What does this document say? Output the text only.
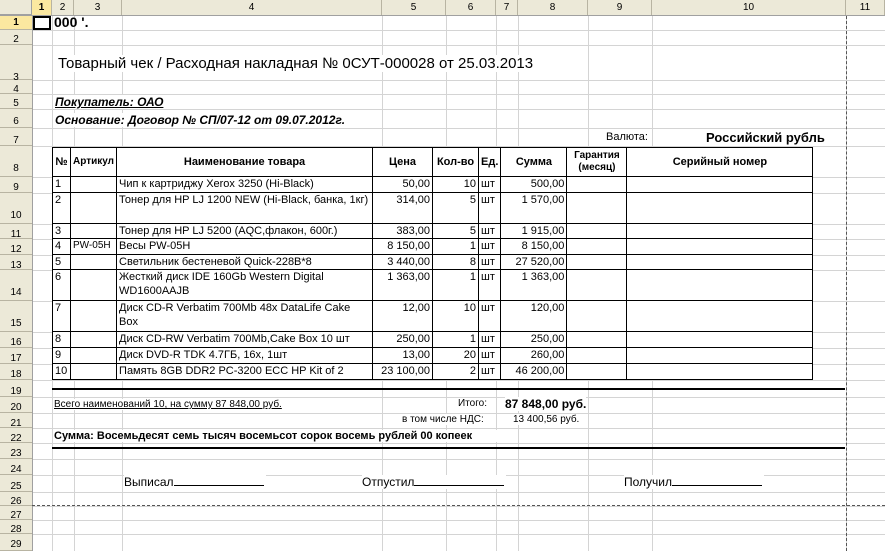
1	2	3	4	5	6	7	8	9	10	11
1
2
3
4
5
6
7
8
9
10
11
12
13
14
15
16
17
18
19
20
21
22
23
24
25
26
27
28
29
000 '.
Товарный чек / Расходная накладная № 0СУТ-000028 от 25.03.2013
Покупатель: ОАО
Основание: Договор № СП/07-12 от 09.07.2012г.
Валюта:	Российский рубль
№	Артикул	Наименование товара	Цена	Кол-во	Ед.	Сумма	Гарантия (месяц)	Серийный номер
1		Чип к картриджу Xerox 3250 (Hi-Black)	50,00	10	шт	500,00		
2		Тонер для HP LJ 1200 NEW (Hi-Black, банка, 1кг)	314,00	5	шт	1 570,00		
3		Тонер для HP LJ 5200 (AQC,флакон, 600г.)	383,00	5	шт	1 915,00		
4	PW-05H	Весы PW-05H	8 150,00	1	шт	8 150,00		
5		Светильник бестеневой Quick-228B*8	3 440,00	8	шт	27 520,00		
6		Жесткий диск IDE 160Gb Western Digital WD1600AAJB	1 363,00	1	шт	1 363,00		
7		Диск CD-R Verbatim 700Mb 48x DataLife Cake Box	12,00	10	шт	120,00		
8		Диск CD-RW Verbatim 700Mb,Cake Box 10 шт	250,00	1	шт	250,00		
9		Диск DVD-R TDK 4.7ГБ, 16x, 1шт	13,00	20	шт	260,00		
10		Память 8GB DDR2 PC-3200 ECC HP Kit of 2	23 100,00	2	шт	46 200,00		
Всего наименований 10, на сумму 87 848,00 руб.	Итого: 87 848,00 руб.
в том числе НДС:	13 400,56 руб.
Сумма: Восемьдесят семь тысяч восемьсот сорок восемь рублей 00 копеек
Выписал	Отпустил	Получил
